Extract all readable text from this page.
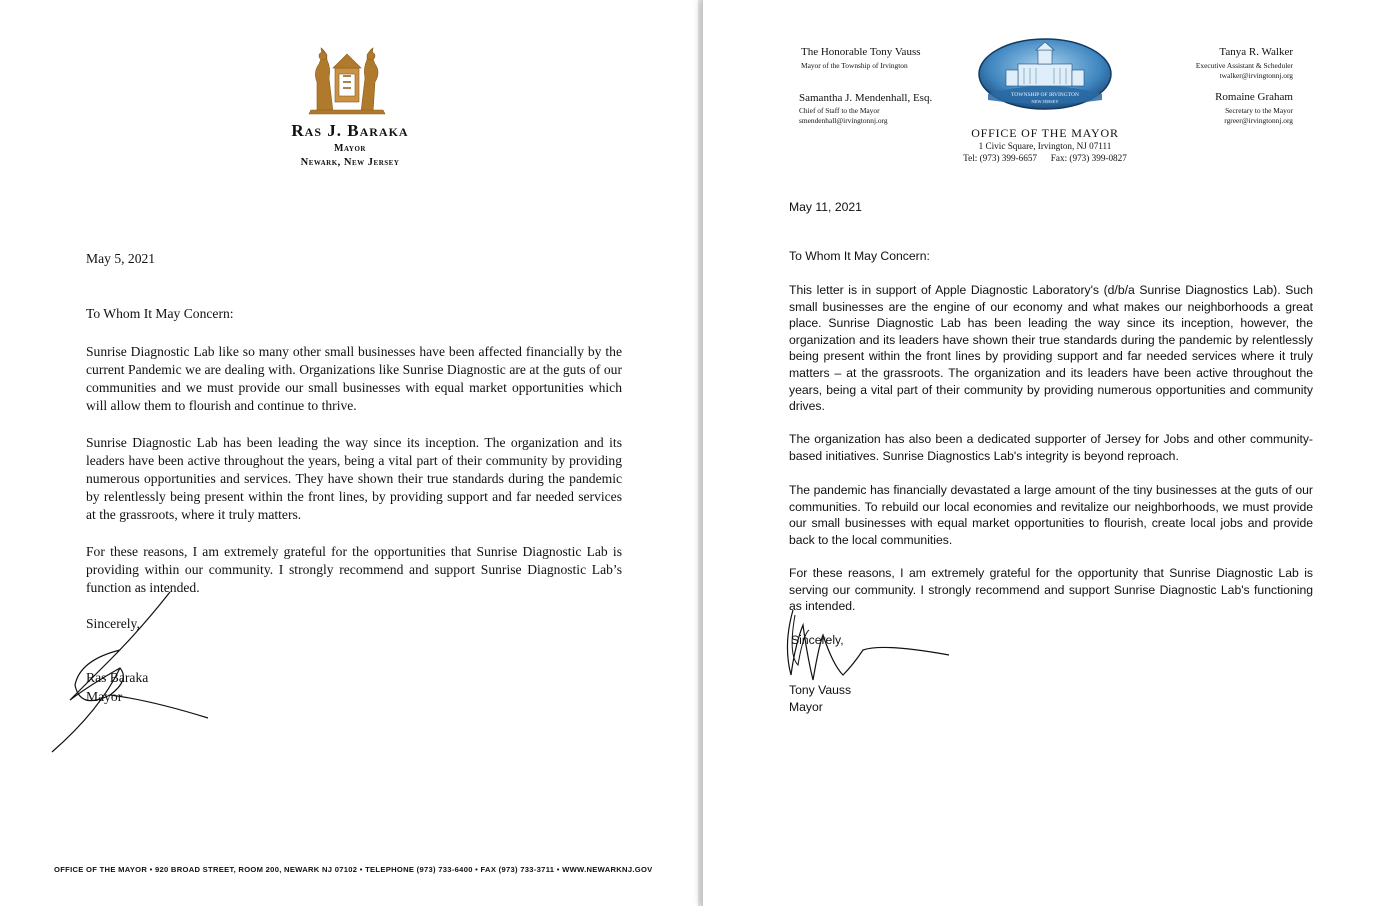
Ras J. Baraka
Mayor
Newark, New Jersey
May 5, 2021
To Whom It May Concern:

Sunrise Diagnostic Lab like so many other small businesses have been affected financially by the current Pandemic we are dealing with. Organizations like Sunrise Diagnostic are at the guts of our communities and we must provide our small businesses with equal market opportunities which will allow them to flourish and continue to thrive.

Sunrise Diagnostic Lab has been leading the way since its inception. The organization and its leaders have been active throughout the years, being a vital part of their community by providing numerous opportunities and services. They have shown their true standards during the pandemic by relentlessly being present within the front lines, by providing support and far needed services at the grassroots, where it truly matters.

For these reasons, I am extremely grateful for the opportunities that Sunrise Diagnostic Lab is providing within our community. I strongly recommend and support Sunrise Diagnostic Lab’s function as intended.

Sincerely,
Ras Baraka
Mayor
OFFICE OF THE MAYOR • 920 BROAD STREET, ROOM 200, NEWARK NJ 07102 • TELEPHONE (973) 733-6400 • FAX (973) 733-3711 • WWW.NEWARKNJ.GOV
The Honorable Tony Vauss
Mayor of the Township of Irvington
Samantha J. Mendenhall, Esq.
Chief of Staff to the Mayor
smendenhall@irvingtonnj.org
Tanya R. Walker
Executive Assistant & Scheduler
twalker@irvingtonnj.org
Romaine Graham
Secretary to the Mayor
rgreer@irvingtonnj.org
TOWNSHIP OF IRVINGTON
NEW JERSEY
OFFICE OF THE MAYOR
1 Civic Square, Irvington, NJ 07111
Tel: (973) 399-6657      Fax: (973) 399-0827
May 11, 2021
To Whom It May Concern:

This letter is in support of Apple Diagnostic Laboratory's (d/b/a Sunrise Diagnostics Lab). Such small businesses are the engine of our economy and what makes our neighborhoods a great place. Sunrise Diagnostic Lab has been leading the way since its inception, however, the organization and its leaders have shown their true standards during the pandemic by relentlessly being present within the front lines by providing support and far needed services where it truly matters – at the grassroots. The organization and its leaders have been active throughout the years, being a vital part of their community by providing numerous opportunities and community drives.

The organization has also been a dedicated supporter of Jersey for Jobs and other community-based initiatives. Sunrise Diagnostics Lab's integrity is beyond reproach.

The pandemic has financially devastated a large amount of the tiny businesses at the guts of our communities. To rebuild our local economies and revitalize our neighborhoods, we must provide our small businesses with equal market opportunities to flourish, create local jobs and provide back to the local communities.

For these reasons, I am extremely grateful for the opportunity that Sunrise Diagnostic Lab is serving our community. I strongly recommend and support Sunrise Diagnostic Lab's functioning as intended.

Sincerely,
Tony Vauss
Mayor
